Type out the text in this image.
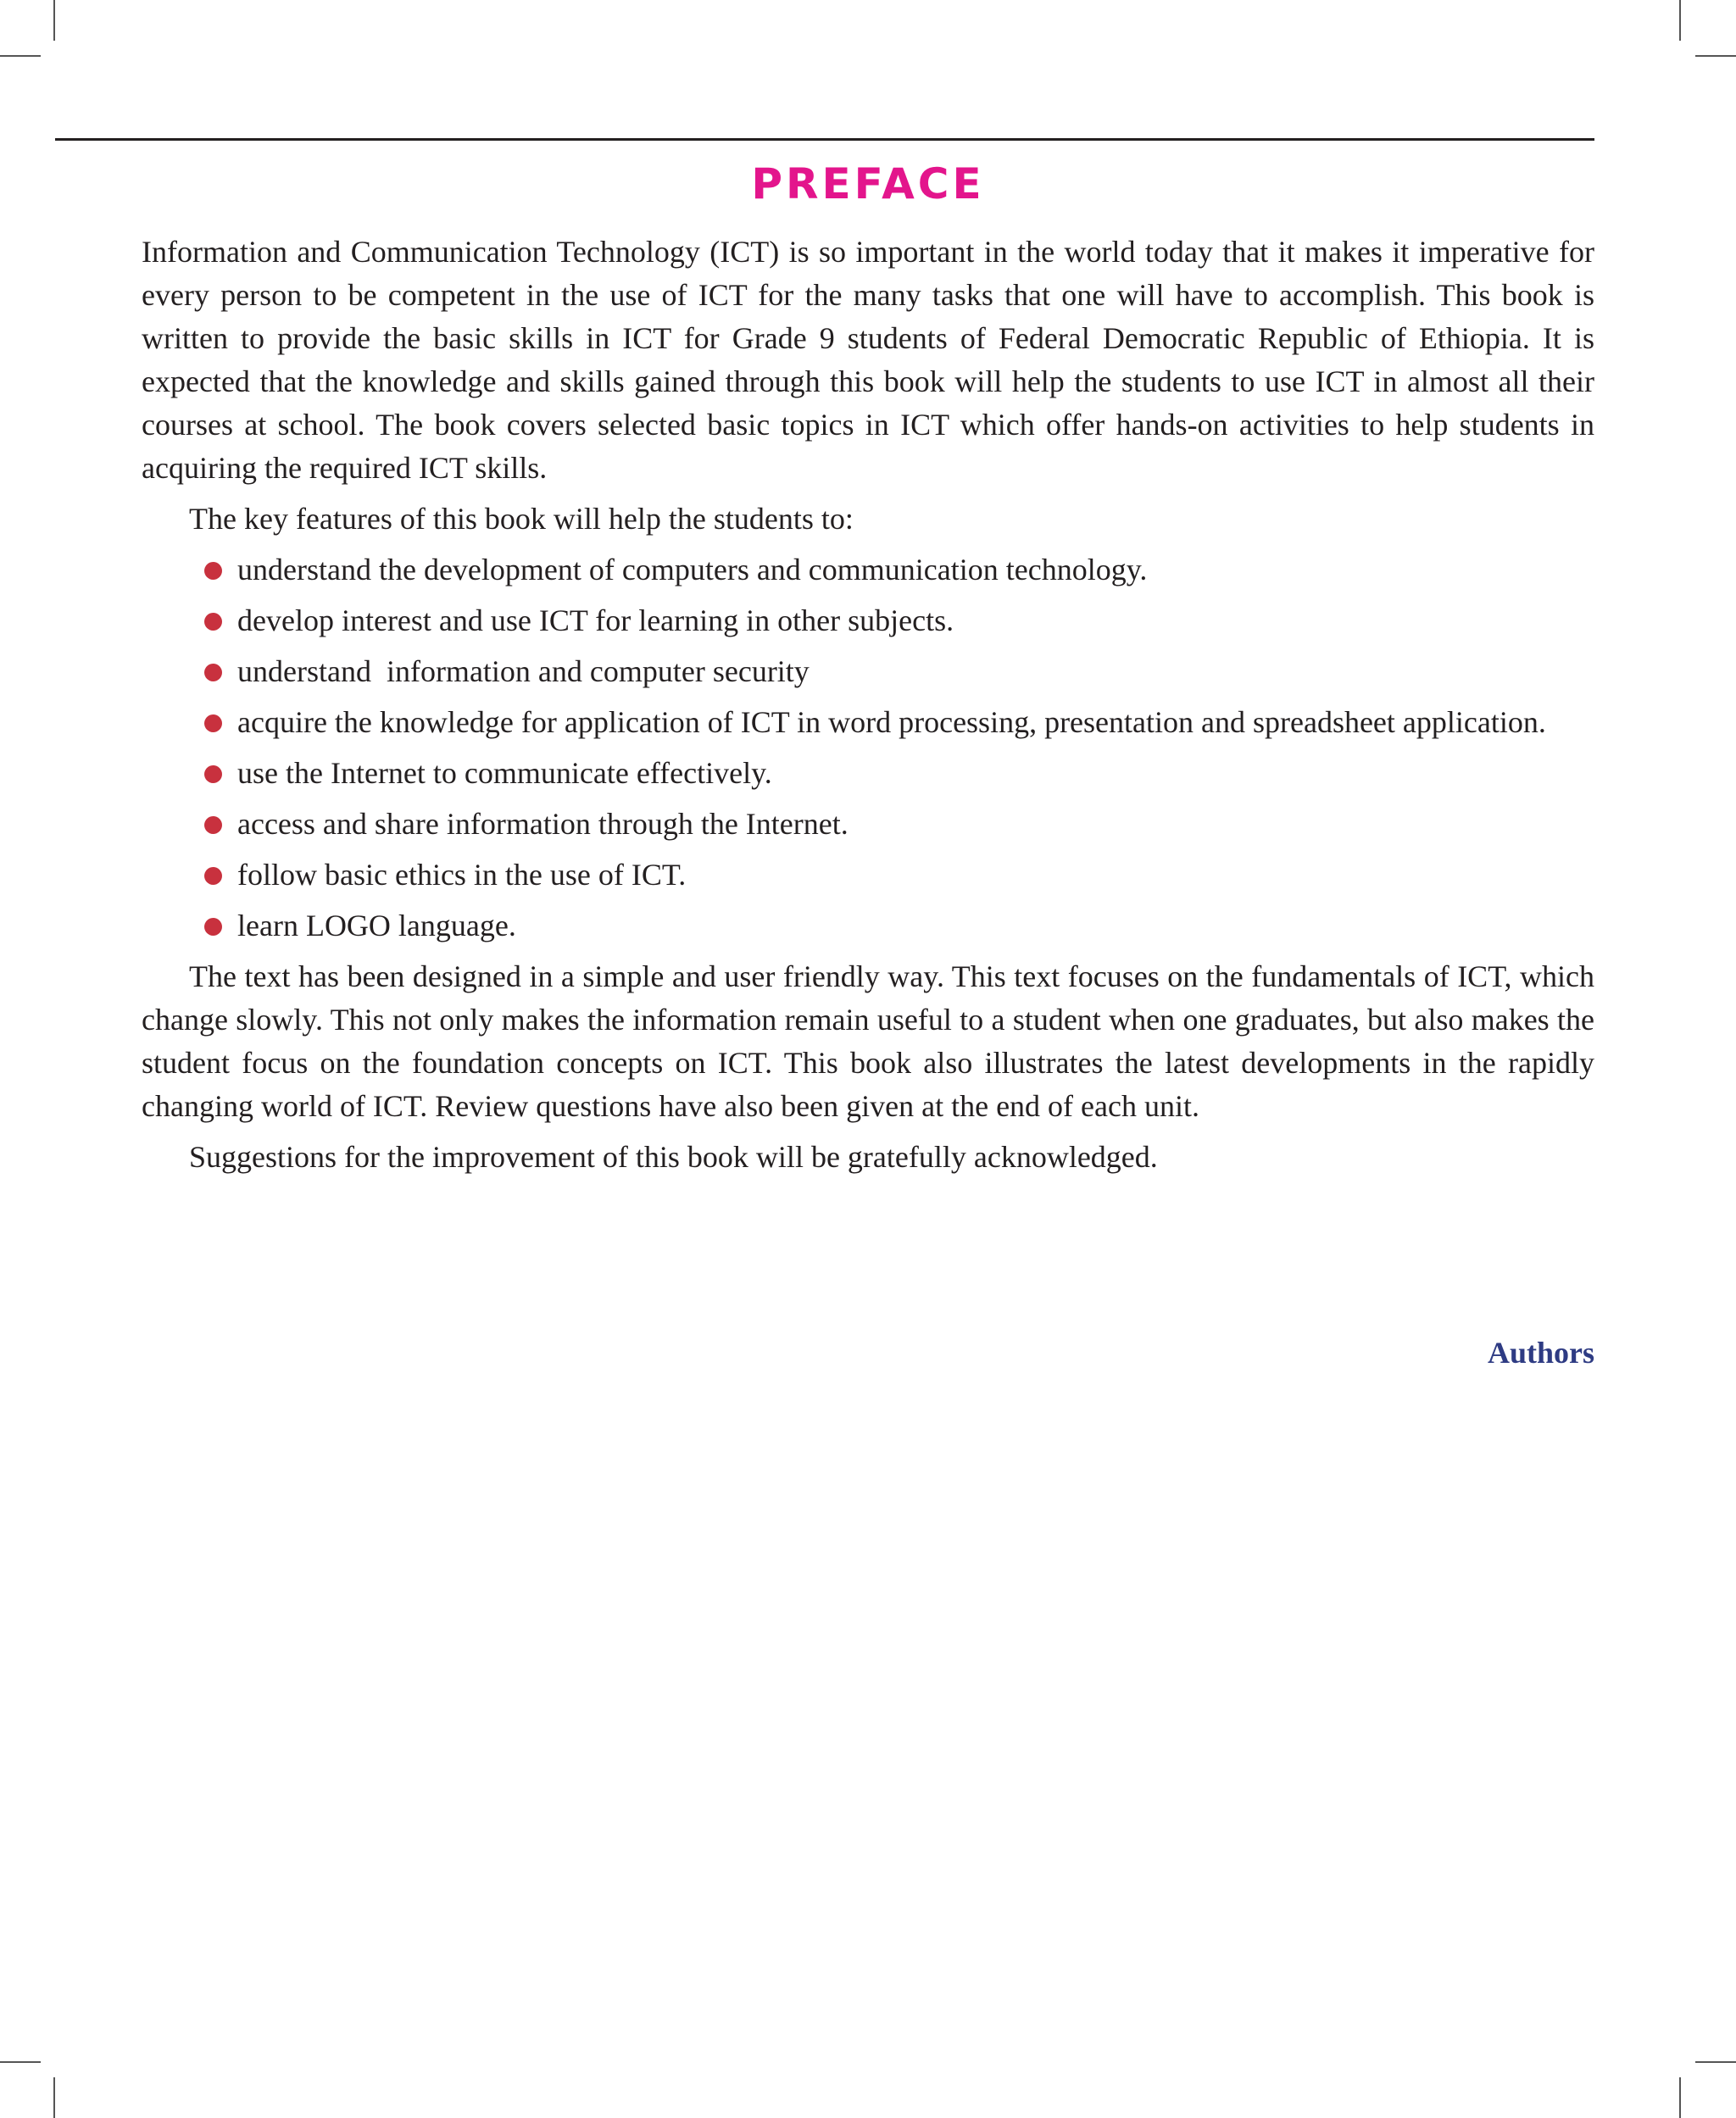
PREFACE

Information and Communication Technology (ICT) is so important in the world today that it makes it imperative for every person to be competent in the use of ICT for the many tasks that one will have to accomplish. This book is written to provide the basic skills in ICT for Grade 9 students of Federal Democratic Republic of Ethiopia. It is expected that the knowledge and skills gained through this book will help the students to use ICT in almost all their courses at school. The book covers selected basic topics in ICT which offer hands-on activities to help students in acquiring the required ICT skills.

The key features of this book will help the students to:

understand the development of computers and communication technology.
develop interest and use ICT for learning in other subjects.
understand  information and computer security
acquire the knowledge for application of ICT in word processing, presentation and spreadsheet application.
use the Internet to communicate effectively.
access and share information through the Internet.
follow basic ethics in the use of ICT.
learn LOGO language.

The text has been designed in a simple and user friendly way. This text focuses on the fundamentals of ICT, which change slowly. This not only makes the information remain useful to a student when one graduates, but also makes the student focus on the foundation concepts on ICT. This book also illustrates the latest developments in the rapidly changing world of ICT. Review questions have also been given at the end of each unit.

Suggestions for the improvement of this book will be gratefully acknowledged.

Authors
